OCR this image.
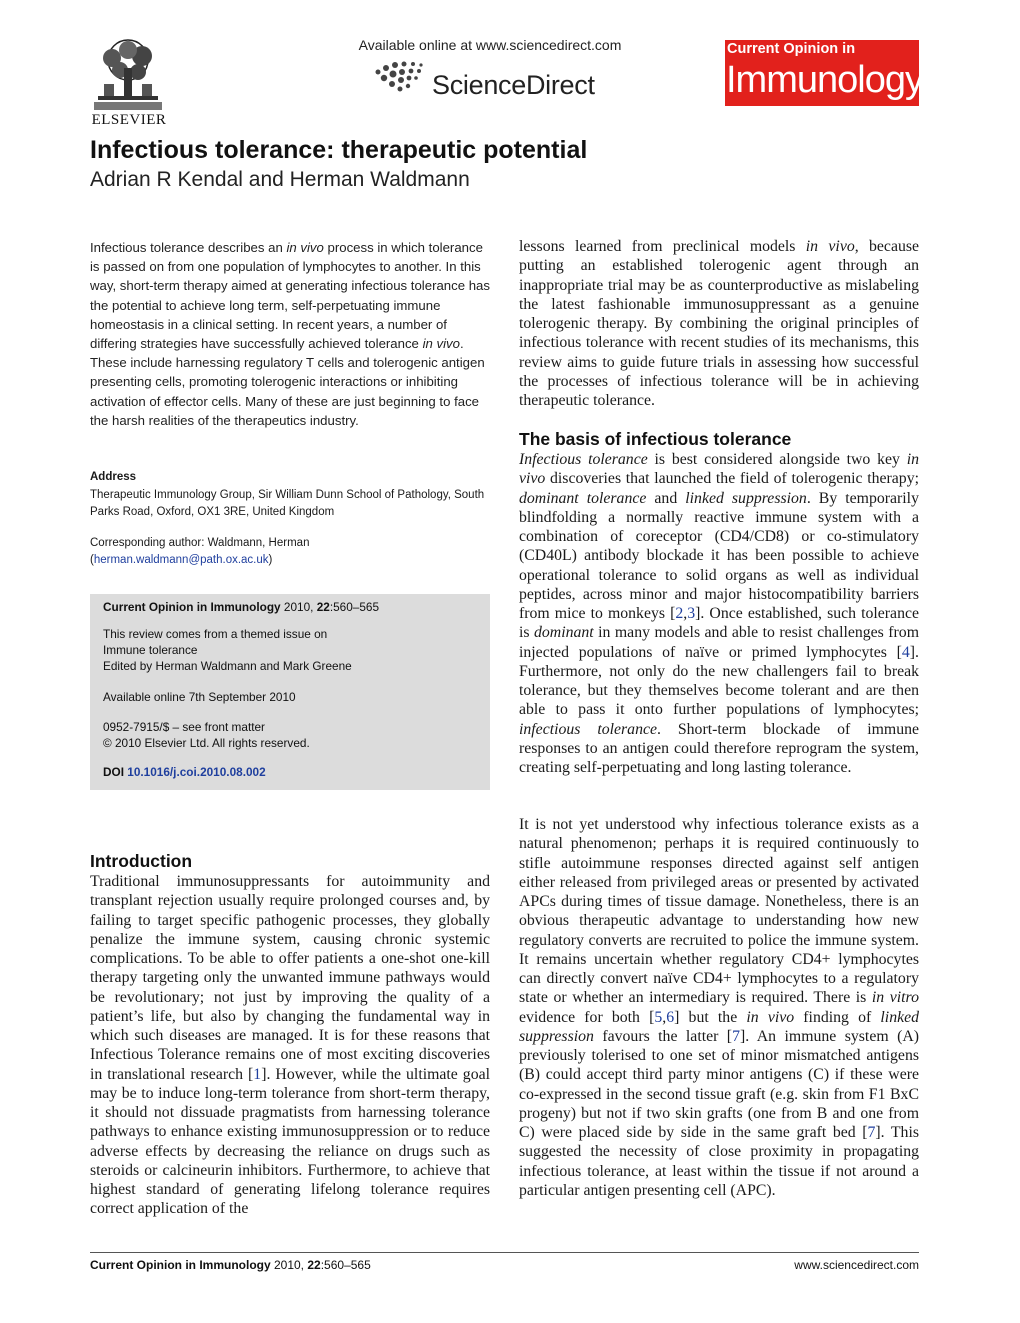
ELSEVIER
Available online at www.sciencedirect.com
ScienceDirect
Current Opinion in
Immunology
Infectious tolerance: therapeutic potential
Adrian R Kendal and Herman Waldmann
Infectious tolerance describes an in vivo process in which tolerance is passed on from one population of lymphocytes to another. In this way, short-term therapy aimed at generating infectious tolerance has the potential to achieve long term, self-perpetuating immune homeostasis in a clinical setting. In recent years, a number of differing strategies have successfully achieved tolerance in vivo. These include harnessing regulatory T cells and tolerogenic antigen presenting cells, promoting tolerogenic interactions or inhibiting activation of effector cells. Many of these are just beginning to face the harsh realities of the therapeutics industry.
Address
Therapeutic Immunology Group, Sir William Dunn School of Pathology, South Parks Road, Oxford, OX1 3RE, United Kingdom
Corresponding author: Waldmann, Herman
(herman.waldmann@path.ox.ac.uk)
Current Opinion in Immunology 2010, 22:560–565
This review comes from a themed issue on
Immune tolerance
Edited by Herman Waldmann and Mark Greene
Available online 7th September 2010
0952-7915/$ – see front matter
© 2010 Elsevier Ltd. All rights reserved.
DOI 10.1016/j.coi.2010.08.002
Introduction
Traditional immunosuppressants for autoimmunity and transplant rejection usually require prolonged courses and, by failing to target specific pathogenic processes, they globally penalize the immune system, causing chronic systemic complications. To be able to offer patients a one-shot one-kill therapy targeting only the unwanted immune pathways would be revolutionary; not just by improving the quality of a patient’s life, but also by changing the fundamental way in which such diseases are managed. It is for these reasons that Infectious Tolerance remains one of most exciting discoveries in translational research [1]. However, while the ultimate goal may be to induce long-term tolerance from short-term therapy, it should not dissuade pragmatists from harnessing tolerance pathways to enhance existing immunosuppression or to reduce adverse effects by decreasing the reliance on drugs such as steroids or calcineurin inhibitors. Furthermore, to achieve that highest standard of generating lifelong tolerance requires correct application of the
lessons learned from preclinical models in vivo, because putting an established tolerogenic agent through an inappropriate trial may be as counterproductive as mislabeling the latest fashionable immunosuppressant as a genuine tolerogenic therapy. By combining the original principles of infectious tolerance with recent studies of its mechanisms, this review aims to guide future trials in assessing how successful the processes of infectious tolerance will be in achieving therapeutic tolerance.
The basis of infectious tolerance
Infectious tolerance is best considered alongside two key in vivo discoveries that launched the field of tolerogenic therapy; dominant tolerance and linked suppression. By temporarily blindfolding a normally reactive immune system with a combination of coreceptor (CD4/CD8) or co-stimulatory (CD40L) antibody blockade it has been possible to achieve operational tolerance to solid organs as well as individual peptides, across minor and major histocompatibility barriers from mice to monkeys [2,3]. Once established, such tolerance is dominant in many models and able to resist challenges from injected populations of naïve or primed lymphocytes [4]. Furthermore, not only do the new challengers fail to break tolerance, but they themselves become tolerant and are then able to pass it onto further populations of lymphocytes; infectious tolerance. Short-term blockade of immune responses to an antigen could therefore reprogram the system, creating self-perpetuating and long lasting tolerance.
It is not yet understood why infectious tolerance exists as a natural phenomenon; perhaps it is required continuously to stifle autoimmune responses directed against self antigen either released from privileged areas or presented by activated APCs during times of tissue damage. Nonetheless, there is an obvious therapeutic advantage to understanding how new regulatory converts are recruited to police the immune system. It remains uncertain whether regulatory CD4+ lymphocytes can directly convert naïve CD4+ lymphocytes to a regulatory state or whether an intermediary is required. There is in vitro evidence for both [5,6] but the in vivo finding of linked suppression favours the latter [7]. An immune system (A) previously tolerised to one set of minor mismatched antigens (B) could accept third party minor antigens (C) if these were co-expressed in the second tissue graft (e.g. skin from F1 BxC progeny) but not if two skin grafts (one from B and one from C) were placed side by side in the same graft bed [7]. This suggested the necessity of close proximity in propagating infectious tolerance, at least within the tissue if not around a particular antigen presenting cell (APC).
Current Opinion in Immunology 2010, 22:560–565	www.sciencedirect.com
